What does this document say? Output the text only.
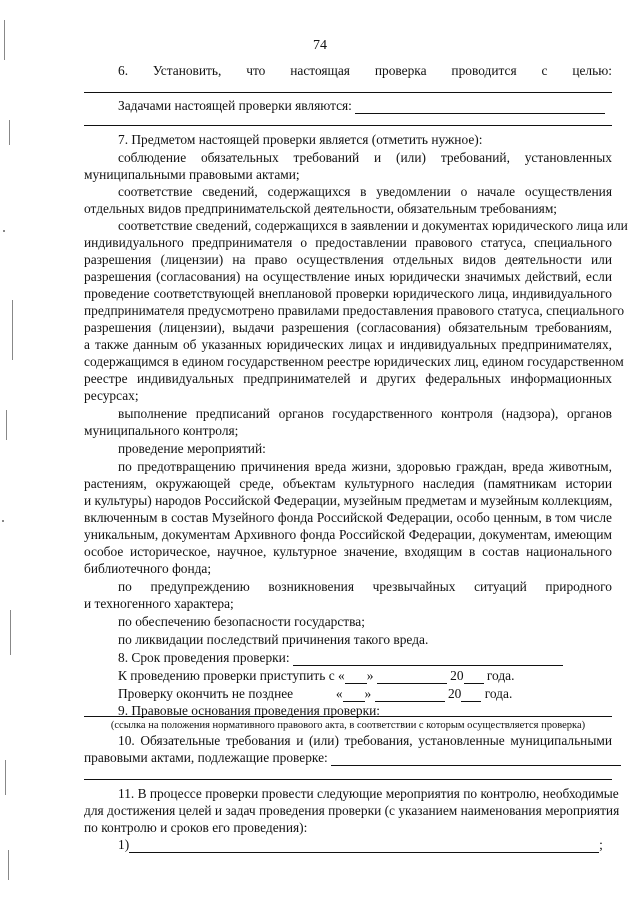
74
6. Установить, что настоящая проверка проводится с целью:
Задачами настоящей проверки являются:
7. Предметом настоящей проверки является (отметить нужное):
соблюдение обязательных требований и (или) требований, установленных
муниципальными правовыми актами;
соответствие сведений, содержащихся в уведомлении о начале осуществления
отдельных видов предпринимательской деятельности, обязательным требованиям;
соответствие сведений, содержащихся в заявлении и документах юридического лица или
индивидуального предпринимателя о предоставлении правового статуса, специального
разрешения (лицензии) на право осуществления отдельных видов деятельности или
разрешения (согласования) на осуществление иных юридически значимых действий, если
проведение соответствующей внеплановой проверки юридического лица, индивидуального
предпринимателя предусмотрено правилами предоставления правового статуса, специального
разрешения (лицензии), выдачи разрешения (согласования) обязательным требованиям,
а также данным об указанных юридических лицах и индивидуальных предпринимателях,
содержащимся в едином государственном реестре юридических лиц, едином государственном
реестре индивидуальных предпринимателей и других федеральных информационных
ресурсах;
выполнение предписаний органов государственного контроля (надзора), органов
муниципального контроля;
проведение мероприятий:
по предотвращению причинения вреда жизни, здоровью граждан, вреда животным,
растениям, окружающей среде, объектам культурного наследия (памятникам истории
и культуры) народов Российской Федерации, музейным предметам и музейным коллекциям,
включенным в состав Музейного фонда Российской Федерации, особо ценным, в том числе
уникальным, документам Архивного фонда Российской Федерации, документам, имеющим
особое историческое, научное, культурное значение, входящим в состав национального
библиотечного фонда;
по предупреждению возникновения чрезвычайных ситуаций природного
и техногенного характера;
по обеспечению безопасности государства;
по ликвидации последствий причинения такого вреда.
8. Срок проведения проверки:
К проведению проверки приступить с « »	20 года.
Проверку окончить не позднее	« »	20 года.
9. Правовые основания проведения проверки:
(ссылка на положения нормативного правового акта, в соответствии с которым осуществляется проверка)
10. Обязательные требования и (или) требования, установленные муниципальными
правовыми актами, подлежащие проверке:
11. В процессе проверки провести следующие мероприятия по контролю, необходимые
для достижения целей и задач проведения проверки (с указанием наименования мероприятия
по контролю и сроков его проведения):
1)	;
